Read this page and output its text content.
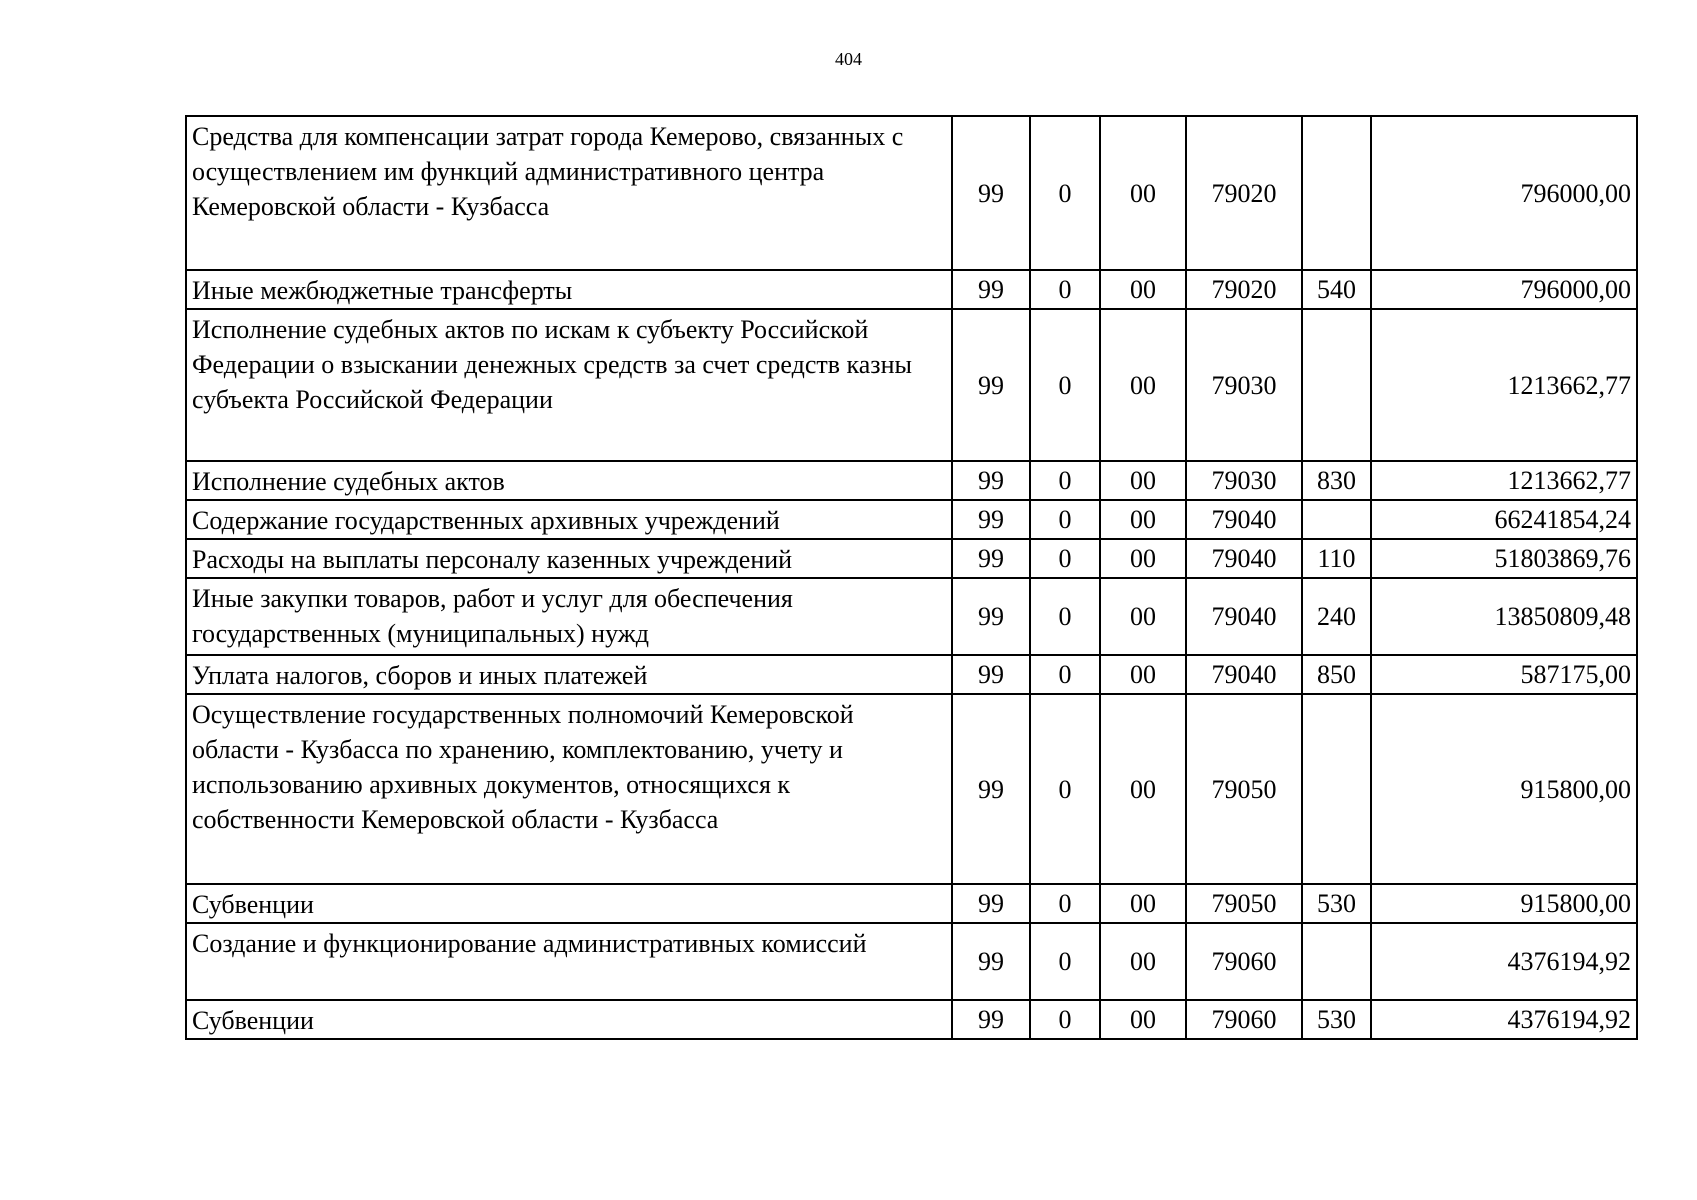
404
Средства для компенсации затрат города Кемерово, связанных с осуществлением им функций административного центра Кемеровской области - Кузбасса	99	0	00	79020		796000,00
Иные межбюджетные трансферты	99	0	00	79020	540	796000,00
Исполнение судебных актов по искам к субъекту Российской Федерации о взыскании денежных средств за счет средств казны субъекта Российской Федерации	99	0	00	79030		1213662,77
Исполнение судебных актов	99	0	00	79030	830	1213662,77
Содержание государственных архивных учреждений	99	0	00	79040		66241854,24
Расходы на выплаты персоналу казенных учреждений	99	0	00	79040	110	51803869,76
Иные закупки товаров, работ и услуг для обеспечения государственных (муниципальных) нужд	99	0	00	79040	240	13850809,48
Уплата налогов, сборов и иных платежей	99	0	00	79040	850	587175,00
Осуществление государственных полномочий Кемеровской области - Кузбасса по хранению, комплектованию, учету и использованию архивных документов, относящихся к собственности Кемеровской области - Кузбасса	99	0	00	79050		915800,00
Субвенции	99	0	00	79050	530	915800,00
Создание и функционирование административных комиссий	99	0	00	79060		4376194,92
Субвенции	99	0	00	79060	530	4376194,92
